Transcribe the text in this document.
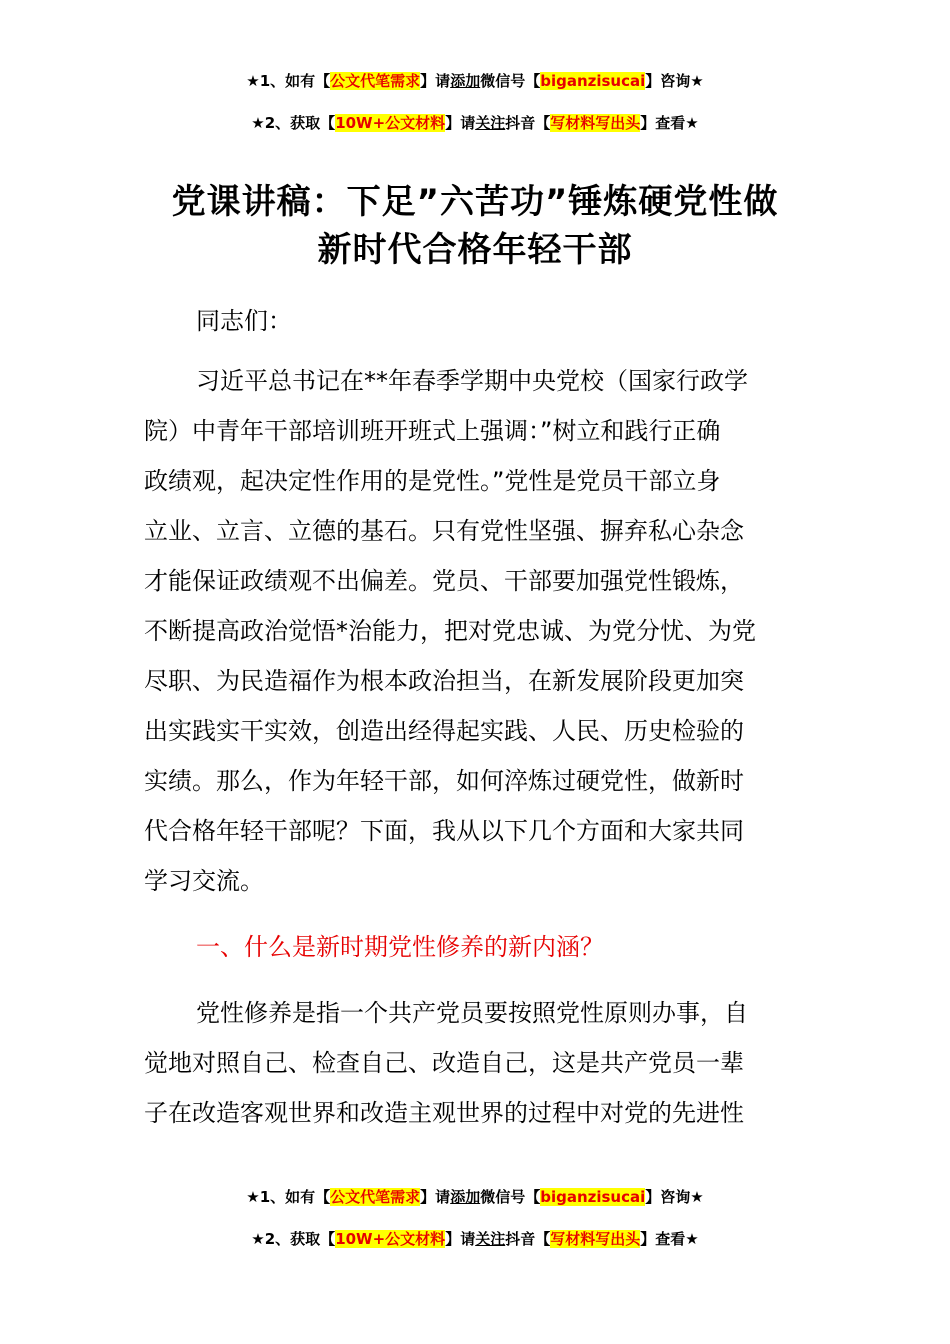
★1、如有【公文代笔需求】请添加微信号【biganzisucai】咨询★
★2、获取【10W+公文材料】请关注抖音【写材料写出头】查看★
党课讲稿：下足”六苦功”锤炼硬党性做
新时代合格年轻干部
同志们：
习近平总书记在**年春季学期中央党校（国家行政学
院）中青年干部培训班开班式上强调：”树立和践行正确
政绩观，起决定性作用的是党性。”党性是党员干部立身
立业、立言、立德的基石。只有党性坚强、摒弃私心杂念
才能保证政绩观不出偏差。党员、干部要加强党性锻炼，
不断提高政治觉悟*治能力，把对党忠诚、为党分忧、为党
尽职、为民造福作为根本政治担当，在新发展阶段更加突
出实践实干实效，创造出经得起实践、人民、历史检验的
实绩。那么，作为年轻干部，如何淬炼过硬党性，做新时
代合格年轻干部呢？下面，我从以下几个方面和大家共同
学习交流。
一、什么是新时期党性修养的新内涵？
党性修养是指一个共产党员要按照党性原则办事，自
觉地对照自己、检查自己、改造自己，这是共产党员一辈
子在改造客观世界和改造主观世界的过程中对党的先进性
★1、如有【公文代笔需求】请添加微信号【biganzisucai】咨询★
★2、获取【10W+公文材料】请关注抖音【写材料写出头】查看★
